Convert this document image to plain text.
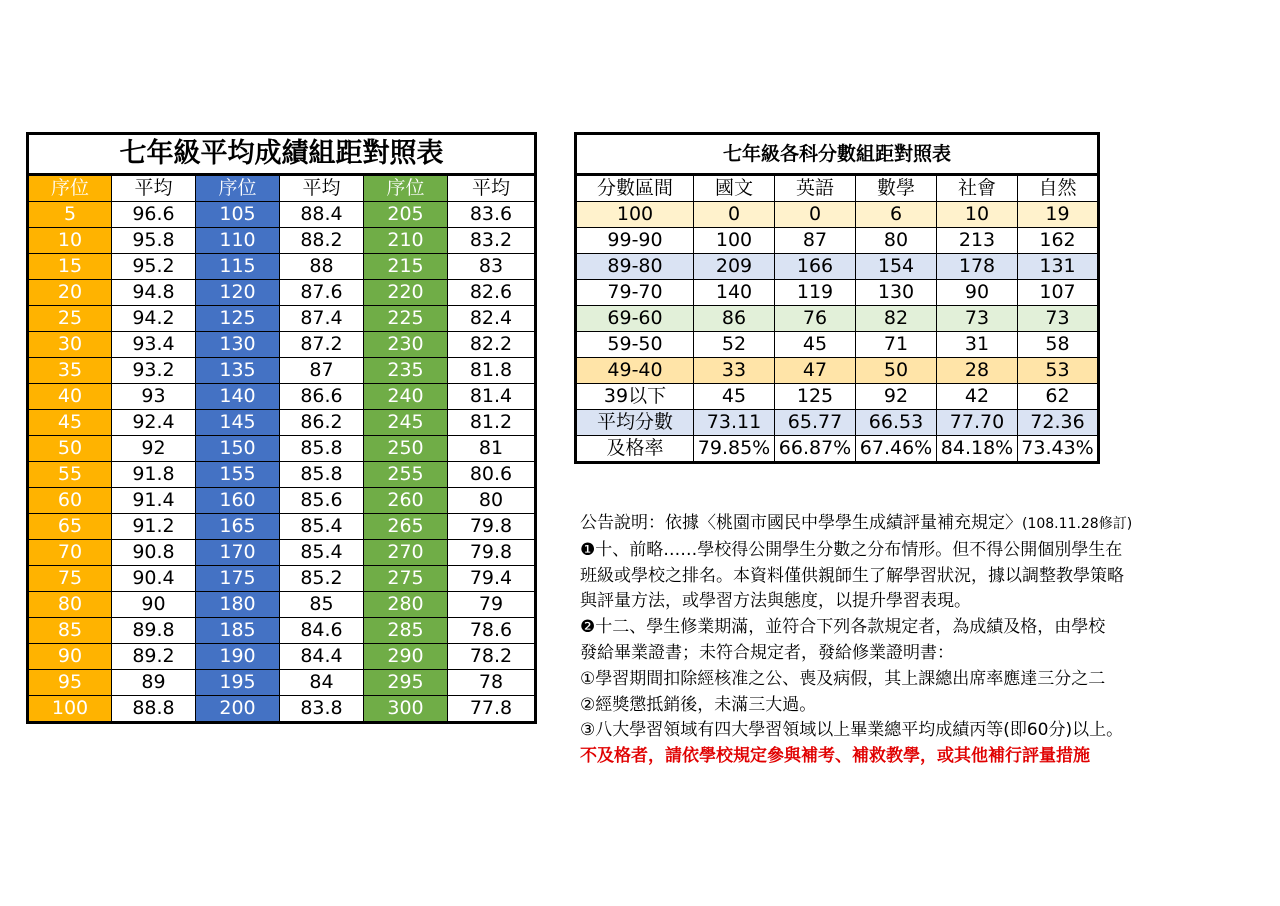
七年級平均成績組距對照表					
序位	平均	序位	平均	序位	平均
5	96.6	105	88.4	205	83.6
10	95.8	110	88.2	210	83.2
15	95.2	115	88	215	83
20	94.8	120	87.6	220	82.6
25	94.2	125	87.4	225	82.4
30	93.4	130	87.2	230	82.2
35	93.2	135	87	235	81.8
40	93	140	86.6	240	81.4
45	92.4	145	86.2	245	81.2
50	92	150	85.8	250	81
55	91.8	155	85.8	255	80.6
60	91.4	160	85.6	260	80
65	91.2	165	85.4	265	79.8
70	90.8	170	85.4	270	79.8
75	90.4	175	85.2	275	79.4
80	90	180	85	280	79
85	89.8	185	84.6	285	78.6
90	89.2	190	84.4	290	78.2
95	89	195	84	295	78
100	88.8	200	83.8	300	77.8
七年級各科分數組距對照表					
分數區間	國文	英語	數學	社會	自然
100	0	0	6	10	19
99-90	100	87	80	213	162
89-80	209	166	154	178	131
79-70	140	119	130	90	107
69-60	86	76	82	73	73
59-50	52	45	71	31	58
49-40	33	47	50	28	53
39以下	45	125	92	42	62
平均分數	73.11	65.77	66.53	77.70	72.36
及格率	79.85%	66.87%	67.46%	84.18%	73.43%
公告說明：依據〈桃園市國民中學學生成績評量補充規定〉(108.11.28修訂)
❶十、前略……學校得公開學生分數之分布情形。但不得公開個別學生在
班級或學校之排名。本資料僅供親師生了解學習狀況，據以調整教學策略
與評量方法，或學習方法與態度，以提升學習表現。
❷十二、學生修業期滿，並符合下列各款規定者，為成績及格，由學校
發給畢業證書；未符合規定者，發給修業證明書：
①學習期間扣除經核准之公、喪及病假，其上課總出席率應達三分之二
②經獎懲抵銷後，未滿三大過。
③八大學習領域有四大學習領域以上畢業總平均成績丙等(即60分)以上。
不及格者，請依學校規定參與補考、補救教學，或其他補行評量措施
